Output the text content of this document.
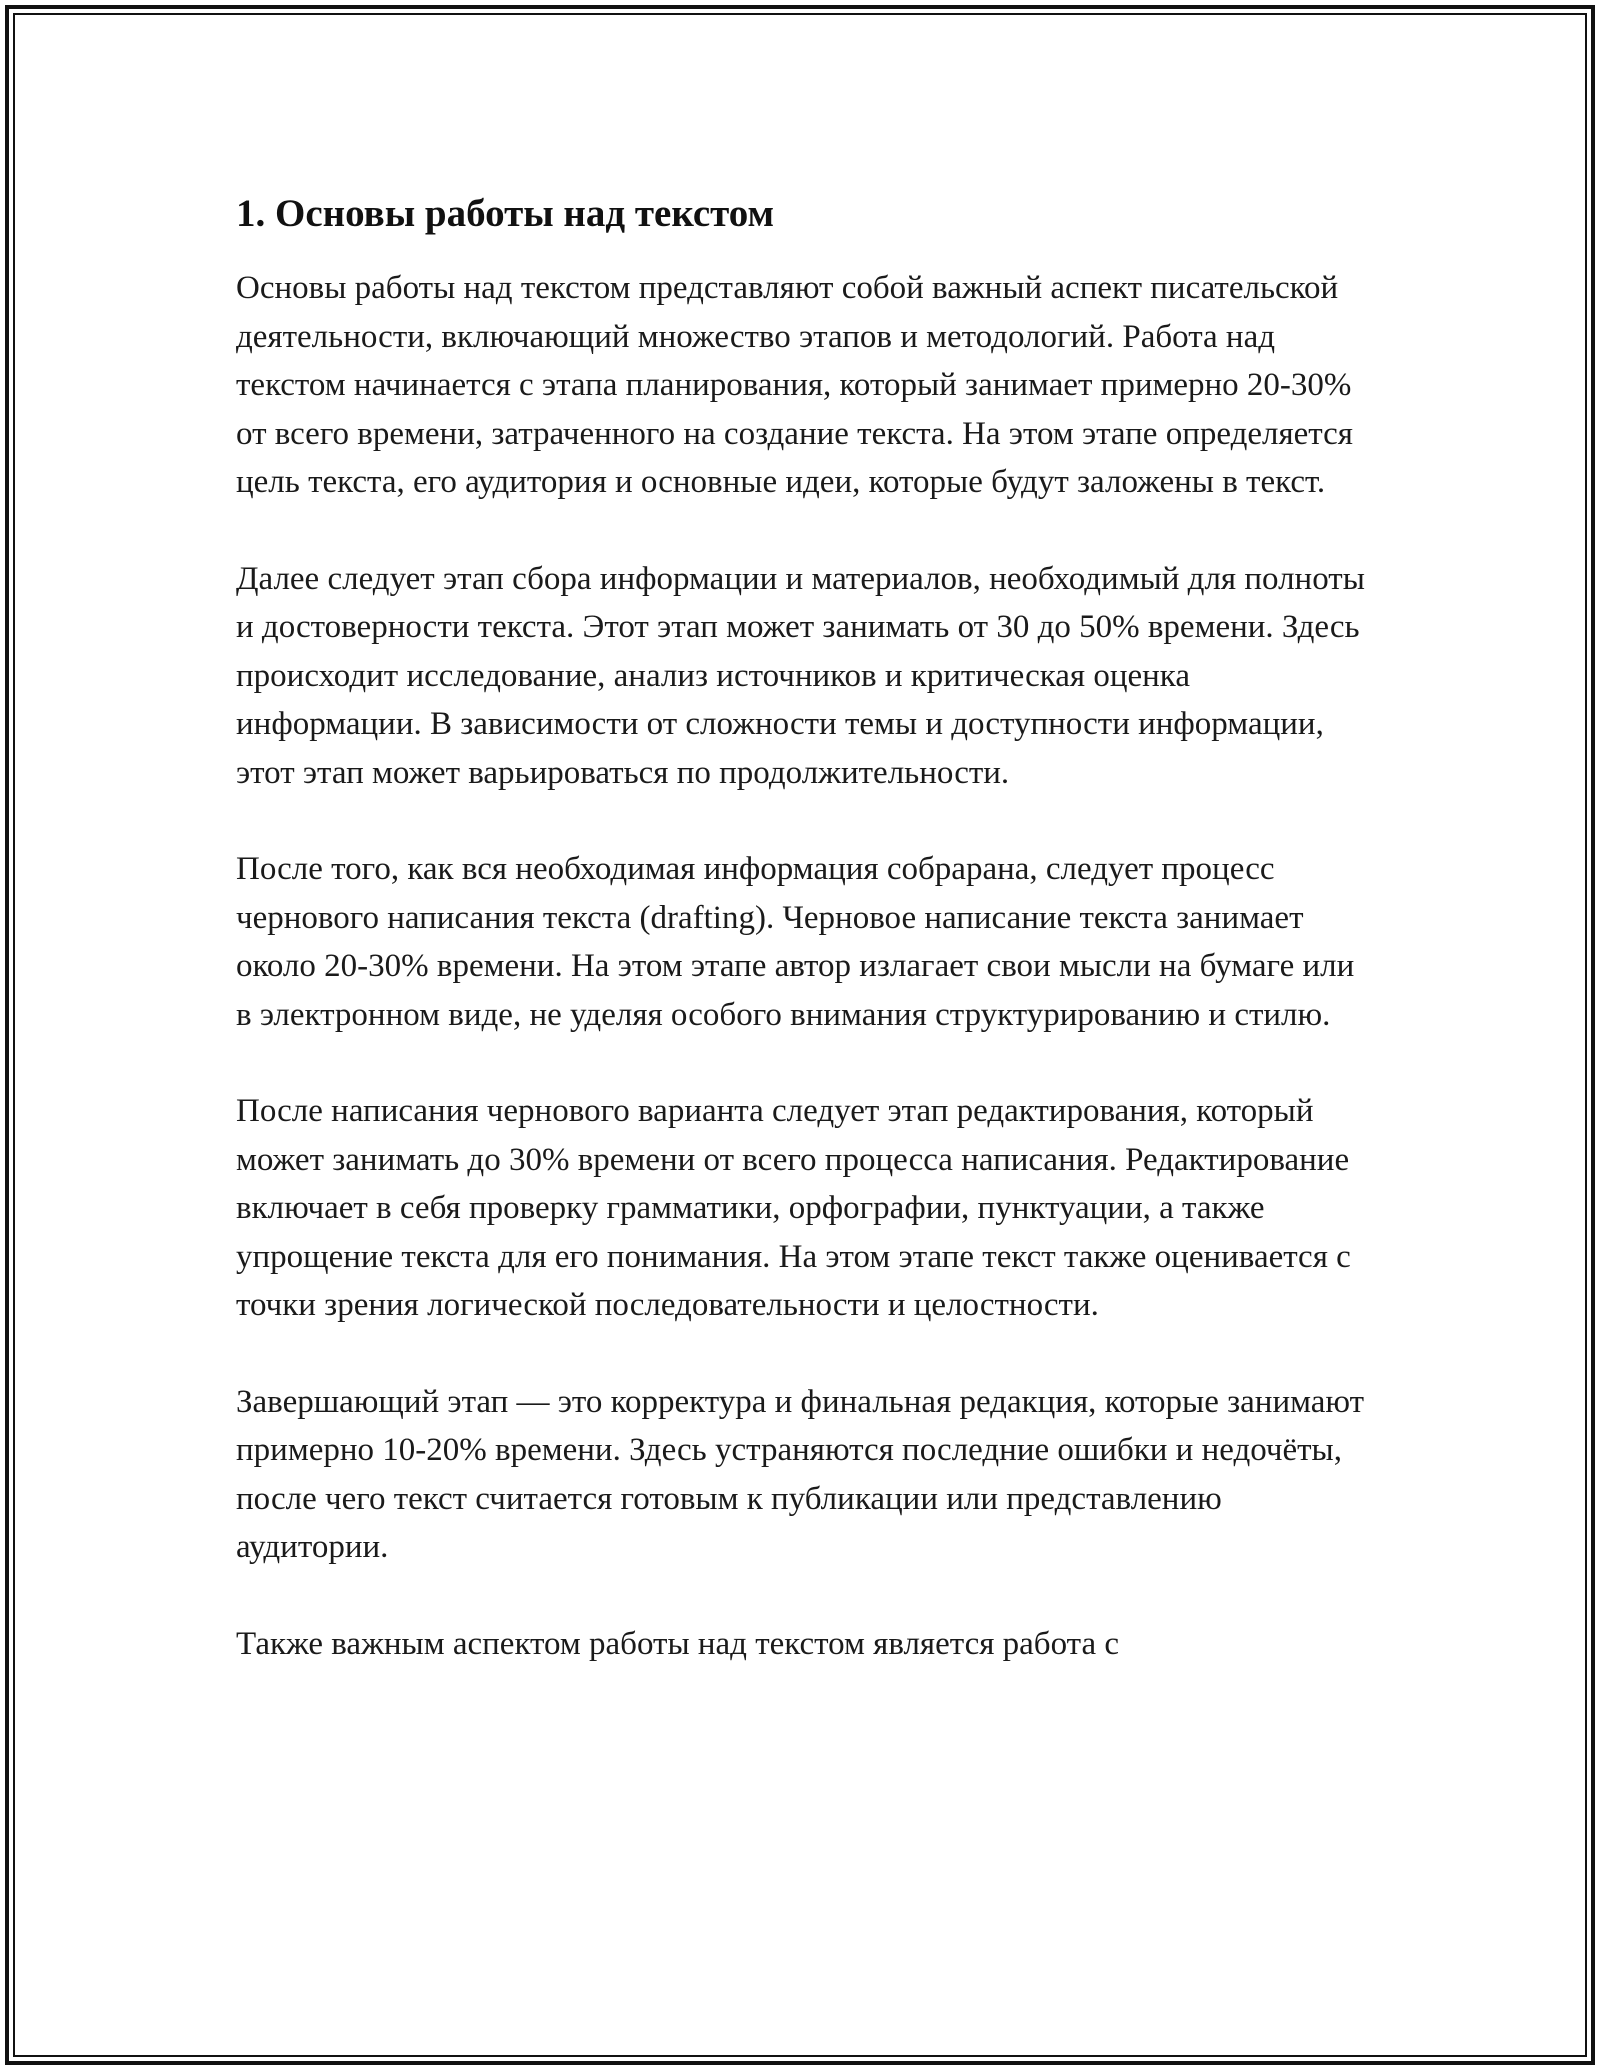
1. Основы работы над текстом

Основы работы над текстом представляют собой важный аспект писательской деятельности, включающий множество этапов и методологий. Работа над текстом начинается с этапа планирования, который занимает примерно 20-30% от всего времени, затраченного на создание текста. На этом этапе определяется цель текста, его аудитория и основные идеи, которые будут заложены в текст.

Далее следует этап сбора информации и материалов, необходимый для полноты и достоверности текста. Этот этап может занимать от 30 до 50% времени. Здесь происходит исследование, анализ источников и критическая оценка информации. В зависимости от сложности темы и доступности информации, этот этап может варьироваться по продолжительности.

После того, как вся необходимая информация собрарана, следует процесс чернового написания текста (drafting). Черновое написание текста занимает около 20-30% времени. На этом этапе автор излагает свои мысли на бумаге или в электронном виде, не уделяя особого внимания структурированию и стилю.

После написания чернового варианта следует этап редактирования, который может занимать до 30% времени от всего процесса написания. Редактирование включает в себя проверку грамматики, орфографии, пунктуации, а также упрощение текста для его понимания. На этом этапе текст также оценивается с точки зрения логической последовательности и целостности.

Завершающий этап — это корректура и финальная редакция, которые занимают примерно 10-20% времени. Здесь устраняются последние ошибки и недочёты, после чего текст считается готовым к публикации или представлению аудитории.

Также важным аспектом работы над текстом является работа с
